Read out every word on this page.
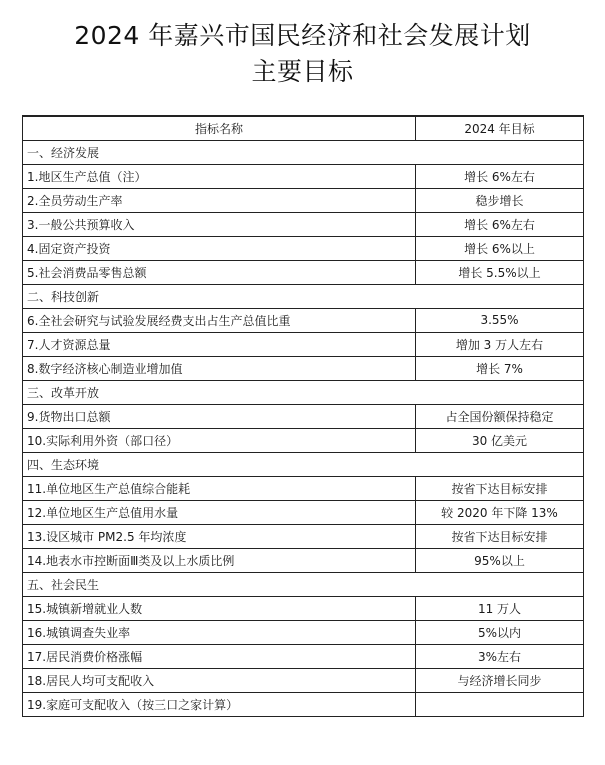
2024 年嘉兴市国民经济和社会发展计划
主要目标
指标名称	2024 年目标
一、经济发展	
1.地区生产总值（注）	增长 6%左右
2.全员劳动生产率	稳步增长
3.一般公共预算收入	增长 6%左右
4.固定资产投资	增长 6%以上
5.社会消费品零售总额	增长 5.5%以上
二、科技创新	
6.全社会研究与试验发展经费支出占生产总值比重	3.55%
7.人才资源总量	增加 3 万人左右
8.数字经济核心制造业增加值	增长 7%
三、改革开放	
9.货物出口总额	占全国份额保持稳定
10.实际利用外资（部口径）	30 亿美元
四、生态环境	
11.单位地区生产总值综合能耗	按省下达目标安排
12.单位地区生产总值用水量	较 2020 年下降 13%
13.设区城市 PM2.5 年均浓度	按省下达目标安排
14.地表水市控断面Ⅲ类及以上水质比例	95%以上
五、社会民生	
15.城镇新增就业人数	11 万人
16.城镇调查失业率	5%以内
17.居民消费价格涨幅	3%左右
18.居民人均可支配收入	与经济增长同步
19.家庭可支配收入（按三口之家计算）	
